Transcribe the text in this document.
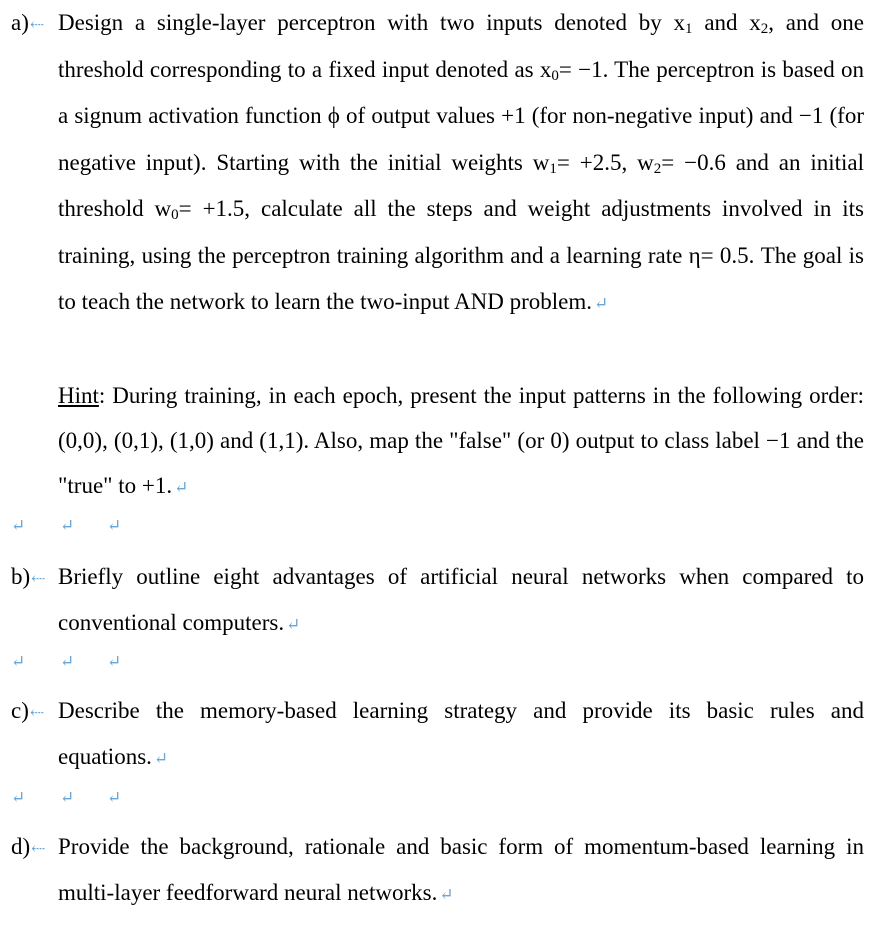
a)⇠ Design a single-layer perceptron with two inputs denoted by $x_1$ and $x_2$, and one threshold corresponding to a fixed input denoted as $x_0= -1$. The perceptron is based on a signum activation function ϕ of output values +1 (for non-negative input) and −1 (for negative input). Starting with the initial weights $w_1= +2.5$, $w_2= -0.6$ and an initial threshold $w_0= +1.5$, calculate all the steps and weight adjustments involved in its training, using the perceptron training algorithm and a learning rate η= 0.5. The goal is to teach the network to learn the two-input AND problem. ↵
Hint: During training, in each epoch, present the input patterns in the following order: (0,0), (0,1), (1,0) and (1,1). Also, map the "false" (or 0) output to class label −1 and the "true" to +1. ↵
↵ ↵ ↵
b)⇠ Briefly outline eight advantages of artificial neural networks when compared to conventional computers. ↵
↵ ↵ ↵
c)⇠ Describe the memory-based learning strategy and provide its basic rules and equations. ↵
↵ ↵ ↵
d)⇠ Provide the background, rationale and basic form of momentum-based learning in multi-layer feedforward neural networks. ↵
